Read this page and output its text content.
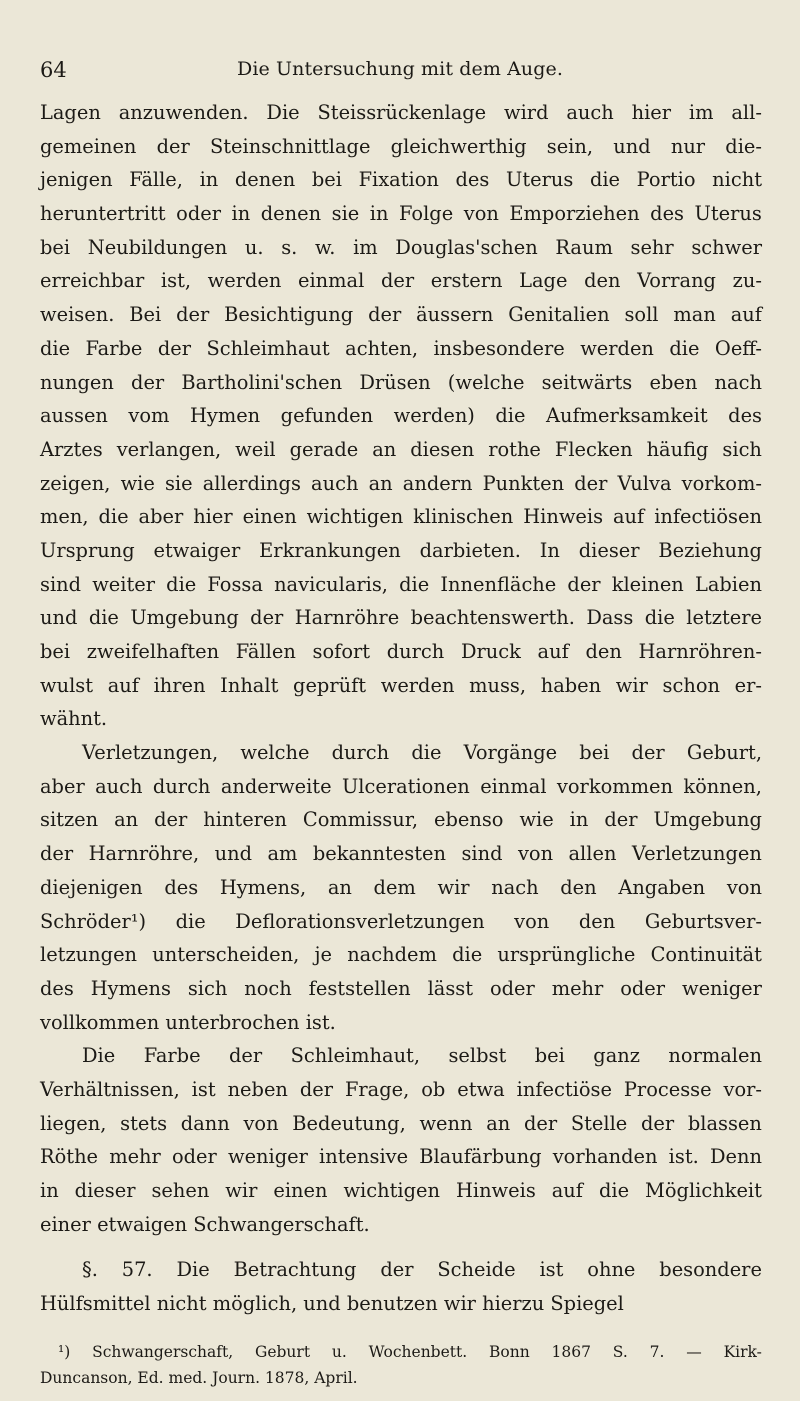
64	Die Untersuchung mit dem Auge.
Lagen anzuwenden. Die Steissrückenlage wird auch hier im all-
gemeinen der Steinschnittlage gleichwerthig sein, und nur die-
jenigen Fälle, in denen bei Fixation des Uterus die Portio nicht
heruntertritt oder in denen sie in Folge von Emporziehen des Uterus
bei Neubildungen u. s. w. im Douglas'schen Raum sehr schwer
erreichbar ist, werden einmal der erstern Lage den Vorrang zu-
weisen. Bei der Besichtigung der äussern Genitalien soll man auf
die Farbe der Schleimhaut achten, insbesondere werden die Oeff-
nungen der Bartholini'schen Drüsen (welche seitwärts eben nach
aussen vom Hymen gefunden werden) die Aufmerksamkeit des
Arztes verlangen, weil gerade an diesen rothe Flecken häufig sich
zeigen, wie sie allerdings auch an andern Punkten der Vulva vorkom-
men, die aber hier einen wichtigen klinischen Hinweis auf infectiösen
Ursprung etwaiger Erkrankungen darbieten. In dieser Beziehung
sind weiter die Fossa navicularis, die Innenfläche der kleinen Labien
und die Umgebung der Harnröhre beachtenswerth. Dass die letztere
bei zweifelhaften Fällen sofort durch Druck auf den Harnröhren-
wulst auf ihren Inhalt geprüft werden muss, haben wir schon er-
wähnt.
Verletzungen, welche durch die Vorgänge bei der Geburt,
aber auch durch anderweite Ulcerationen einmal vorkommen können,
sitzen an der hinteren Commissur, ebenso wie in der Umgebung
der Harnröhre, und am bekanntesten sind von allen Verletzungen
diejenigen des Hymens, an dem wir nach den Angaben von
Schröder¹) die Deflorationsverletzungen von den Geburtsver-
letzungen unterscheiden, je nachdem die ursprüngliche Continuität
des Hymens sich noch feststellen lässt oder mehr oder weniger
vollkommen unterbrochen ist.
Die Farbe der Schleimhaut, selbst bei ganz normalen
Verhältnissen, ist neben der Frage, ob etwa infectiöse Processe vor-
liegen, stets dann von Bedeutung, wenn an der Stelle der blassen
Röthe mehr oder weniger intensive Blaufärbung vorhanden ist. Denn
in dieser sehen wir einen wichtigen Hinweis auf die Möglichkeit
einer etwaigen Schwangerschaft.
§. 57. Die Betrachtung der Scheide ist ohne besondere
Hülfsmittel nicht möglich, und benutzen wir hierzu Spiegel
¹) Schwangerschaft, Geburt u. Wochenbett. Bonn 1867 S. 7. — Kirk-
Duncanson, Ed. med. Journ. 1878, April.
